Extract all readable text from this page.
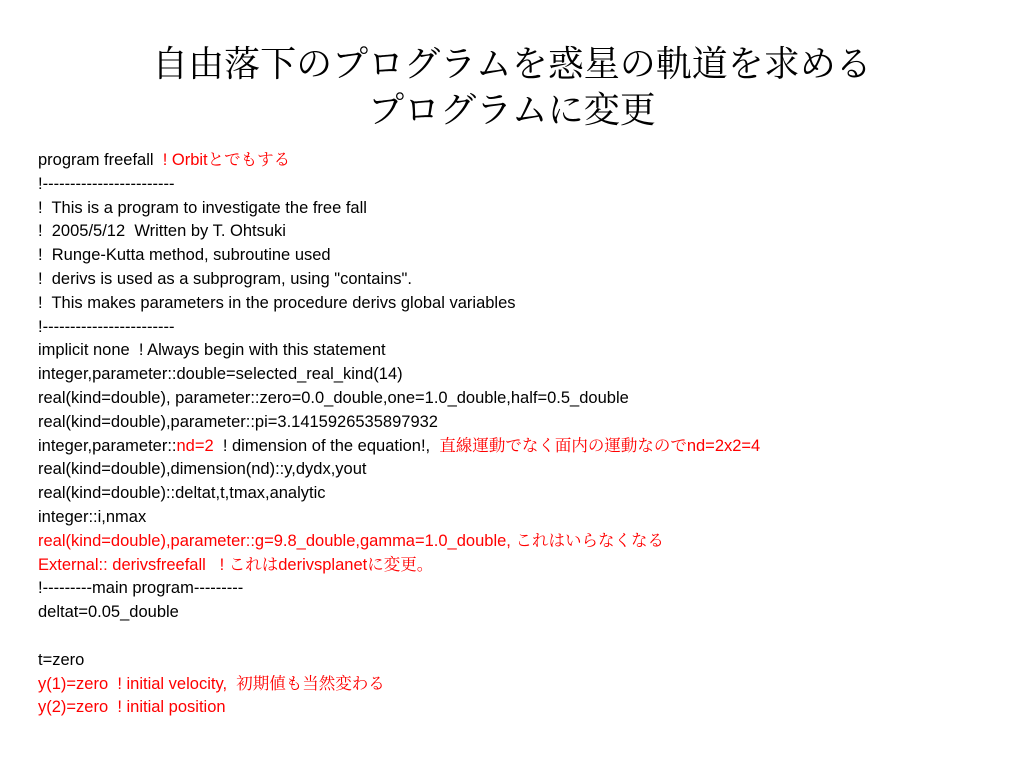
自由落下のプログラムを惑星の軌道を求める
プログラムに変更
program freefall  ! Orbitとでもする
!------------------------
!  This is a program to investigate the free fall
!  2005/5/12  Written by T. Ohtsuki
!  Runge-Kutta method, subroutine used
!  derivs is used as a subprogram, using "contains".
!  This makes parameters in the procedure derivs global variables
!------------------------
implicit none  ! Always begin with this statement
integer,parameter::double=selected_real_kind(14)
real(kind=double), parameter::zero=0.0_double,one=1.0_double,half=0.5_double
real(kind=double),parameter::pi=3.1415926535897932
integer,parameter::nd=2  ! dimension of the equation!,  直線運動でなく面内の運動なのでnd=2x2=4
real(kind=double),dimension(nd)::y,dydx,yout
real(kind=double)::deltat,t,tmax,analytic
integer::i,nmax
real(kind=double),parameter::g=9.8_double,gamma=1.0_double, これはいらなくなる
External:: derivsfreefall   ! これはderivsplanetに変更。
!---------main program---------
deltat=0.05_double
t=zero
y(1)=zero  ! initial velocity,  初期値も当然変わる
y(2)=zero  ! initial position
